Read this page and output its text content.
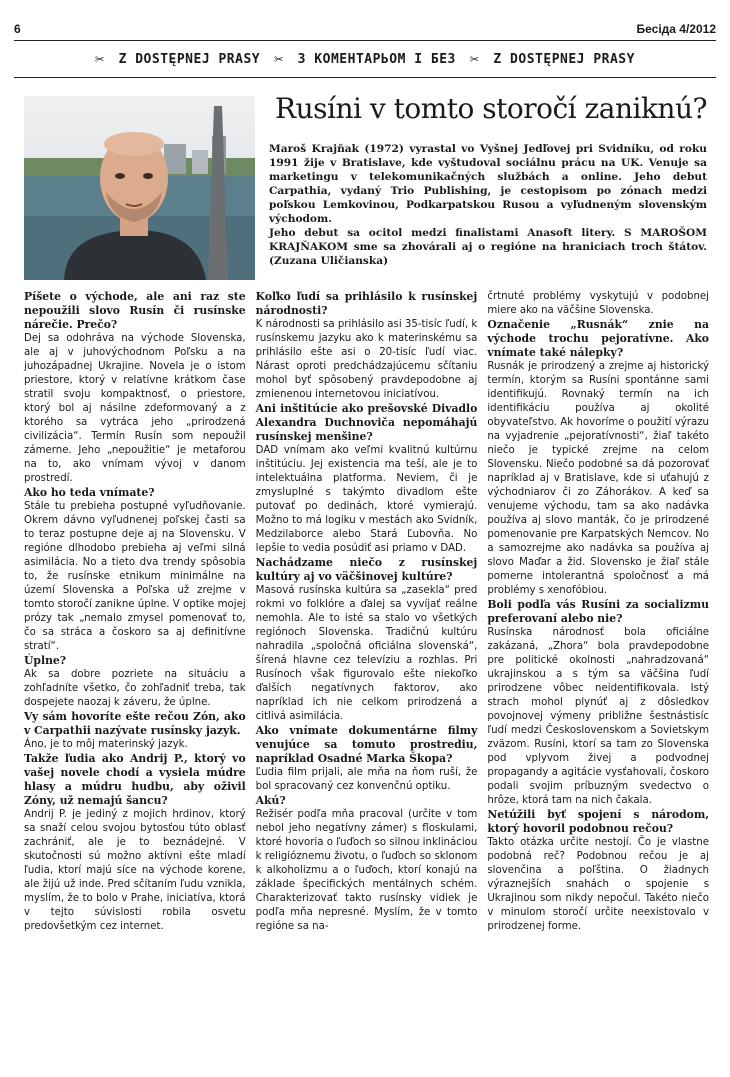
6	Бесіда 4/2012
✂ Z DOSTĘPNEJ PRASY ✂ З КОМЕНТАРЬОМ І БЕЗ ✂ Z DOSTĘPNEJ PRASY
Rusíni v tomto storočí zaniknú?

Maroš Krajňak (1972) vyrastal vo Vyšnej Jedľovej pri Svidníku, od roku 1991 žije v Bratislave, kde vyštudoval sociálnu prácu na UK. Venuje sa marketingu v telekomunikačných službách a online. Jeho debut Carpathia, vydaný Trio Publishing, je cestopisom po zónach medzi poľskou Lemkovinou, Podkarpatskou Rusou a vyľudneným slovenským východom.

Jeho debut sa ocitol medzi finalistami Anasoft litery. S MAROŠOM KRAJŇAKOM sme sa zhovárali aj o regióne na hraniciach troch štátov. (Zuzana Uličianska)

Píšete o východe, ale ani raz ste nepoužili slovo Rusín či rusínske nárečie. Prečo?

Dej sa odohráva na východe Slovenska, ale aj v juhovýchodnom Poľsku a na juhozápadnej Ukrajine. Novela je o istom priestore, ktorý v relatívne krátkom čase stratil svoju kompaktnosť, o priestore, ktorý bol aj násilne zdeformovaný a z ktorého sa vytráca jeho „prirodzená civilizácia“. Termín Rusín som nepoužil zámerne. Jeho „nepoužitie“ je metaforou na to, ako vnímam vývoj v danom prostredí.

Ako ho teda vnímate?

Stále tu prebieha postupné vyľudňovanie. Okrem dávno vyľudnenej poľskej časti sa to teraz postupne deje aj na Slovensku. V regióne dlhodobo prebieha aj veľmi silná asimilácia. No a tieto dva trendy spôsobia to, že rusínske etnikum minimálne na území Slovenska a Poľska už zrejme v tomto storočí zanikne úplne. V optike mojej prózy tak „nemalo zmysel pomenovať to, čo sa stráca a čoskoro sa aj definitívne stratí“.

Úplne?

Ak sa dobre pozriete na situáciu a zohľadníte všetko, čo zohľadniť treba, tak dospejete naozaj k záveru, že úplne.

Vy sám hovoríte ešte rečou Zón, ako v Carpathii nazývate rusínsky jazyk.

Áno, je to môj materinský jazyk.

Takže ľudia ako Andrij P., ktorý vo vašej novele chodí a vysiela múdre hlasy a múdru hudbu, aby oživil Zóny, už nemajú šancu?

Andrij P. je jediný z mojich hrdinov, ktorý sa snaží celou svojou bytosťou túto oblasť zachrániť, ale je to beznádejné. V skutočnosti sú možno aktívni ešte mladí ľudia, ktorí majú síce na východe korene, ale žijú už inde. Pred sčítaním ľudu vznikla, myslím, že to bolo v Prahe, iniciatíva, ktorá v tejto súvislosti robila osvetu predovšetkým cez internet.

Koľko ľudí sa prihlásilo k rusínskej národnosti?

K národnosti sa prihlásilo asi 35-tisíc ľudí, k rusínskemu jazyku ako k materinskému sa prihlásilo ešte asi o 20-tisíc ľudí viac. Nárast oproti predchádzajúcemu sčítaniu mohol byť spôsobený pravdepodobne aj zmienenou internetovou iniciatívou.

Ani inštitúcie ako prešovské Divadlo Alexandra Duchnoviča nepomáhajú rusínskej menšine?

DAD vnímam ako veľmi kvalitnú kultúrnu inštitúciu. Jej existencia ma teší, ale je to intelektuálna platforma. Neviem, či je zmysluplné s takýmto divadlom ešte putovať po dedinách, ktoré vymierajú. Možno to má logiku v mestách ako Svidník, Medzilaborce alebo Stará Ľubovňa. No lepšie to vedia posúdiť asi priamo v DAD.

Nachádzame niečo z rusínskej kultúry aj vo väčšinovej kultúre?

Masová rusínska kultúra sa „zasekla“ pred rokmi vo folklóre a ďalej sa vyvíjať reálne nemohla. Ale to isté sa stalo vo všetkých regiónoch Slovenska. Tradičnú kultúru nahradila „spoločná oficiálna slovenská“, šírená hlavne cez televíziu a rozhlas. Pri Rusínoch však figurovalo ešte niekoľko ďalších negatívnych faktorov, ako napríklad ich nie celkom prirodzená a citlivá asimilácia.

Ako vnímate dokumentárne filmy venujúce sa tomuto prostrediu, napríklad Osadné Marka Škopa?

Ľudia film prijali, ale mňa na ňom ruší, že bol spracovaný cez konvenčnú optiku.

Akú?

Režisér podľa mňa pracoval (určite v tom nebol jeho negatívny zámer) s floskulami, ktoré hovoria o ľuďoch so silnou inklináciou k religióznemu životu, o ľuďoch so sklonom k alkoholizmu a o ľuďoch, ktorí konajú na základe špecifických mentálnych schém. Charakterizovať takto rusínsky vidiek je podľa mňa nepresné. Myslím, že v tomto regióne sa na-

črtnuté problémy vyskytujú v podobnej miere ako na väčšine Slovenska.

Označenie „Rusnák“ znie na východe trochu pejoratívne. Ako vnímate také nálepky?

Rusnák je prirodzený a zrejme aj historický termín, ktorým sa Rusíni spontánne sami identifikujú. Rovnaký termín na ich identifikáciu používa aj okolité obyvateľstvo. Ak hovoríme o použití výrazu na vyjadrenie „pejoratívnosti“, žiaľ takéto niečo je typické zrejme na celom Slovensku. Niečo podobné sa dá pozorovať napríklad aj v Bratislave, kde si uťahujú z východniarov či zo Záhorákov. A keď sa venujeme východu, tam sa ako nadávka používa aj slovo manták, čo je prirodzené pomenovanie pre Karpatských Nemcov. No a samozrejme ako nadávka sa používa aj slovo Maďar a žid. Slovensko je žiaľ stále pomerne intolerantná spoločnosť a má problémy s xenofóbiou.

Boli podľa vás Rusíni za socializmu preferovaní alebo nie?

Rusínska národnosť bola oficiálne zakázaná, „Zhora“ bola pravdepodobne pre politické okolnosti „nahradzovaná“ ukrajinskou a s tým sa väčšina ľudí prirodzene vôbec neidentifikovala. Istý strach mohol plynúť aj z dôsledkov povojnovej výmeny približne šestnástisíc ľudí medzi Československom a Sovietskym zväzom. Rusíni, ktorí sa tam zo Slovenska pod vplyvom živej a podvodnej propagandy a agitácie vysťahovali, čoskoro podali svojim príbuzným svedectvo o hrôze, ktorá tam na nich čakala.

Netúžili byť spojení s národom, ktorý hovoril podobnou rečou?

Takto otázka určite nestojí. Čo je vlastne podobná reč? Podobnou rečou je aj slovenčina a poľština. O žiadnych výraznejších snahách o spojenie s Ukrajinou som nikdy nepočul. Takéto niečo v minulom storočí určite neexistovalo v prirodzenej forme.
